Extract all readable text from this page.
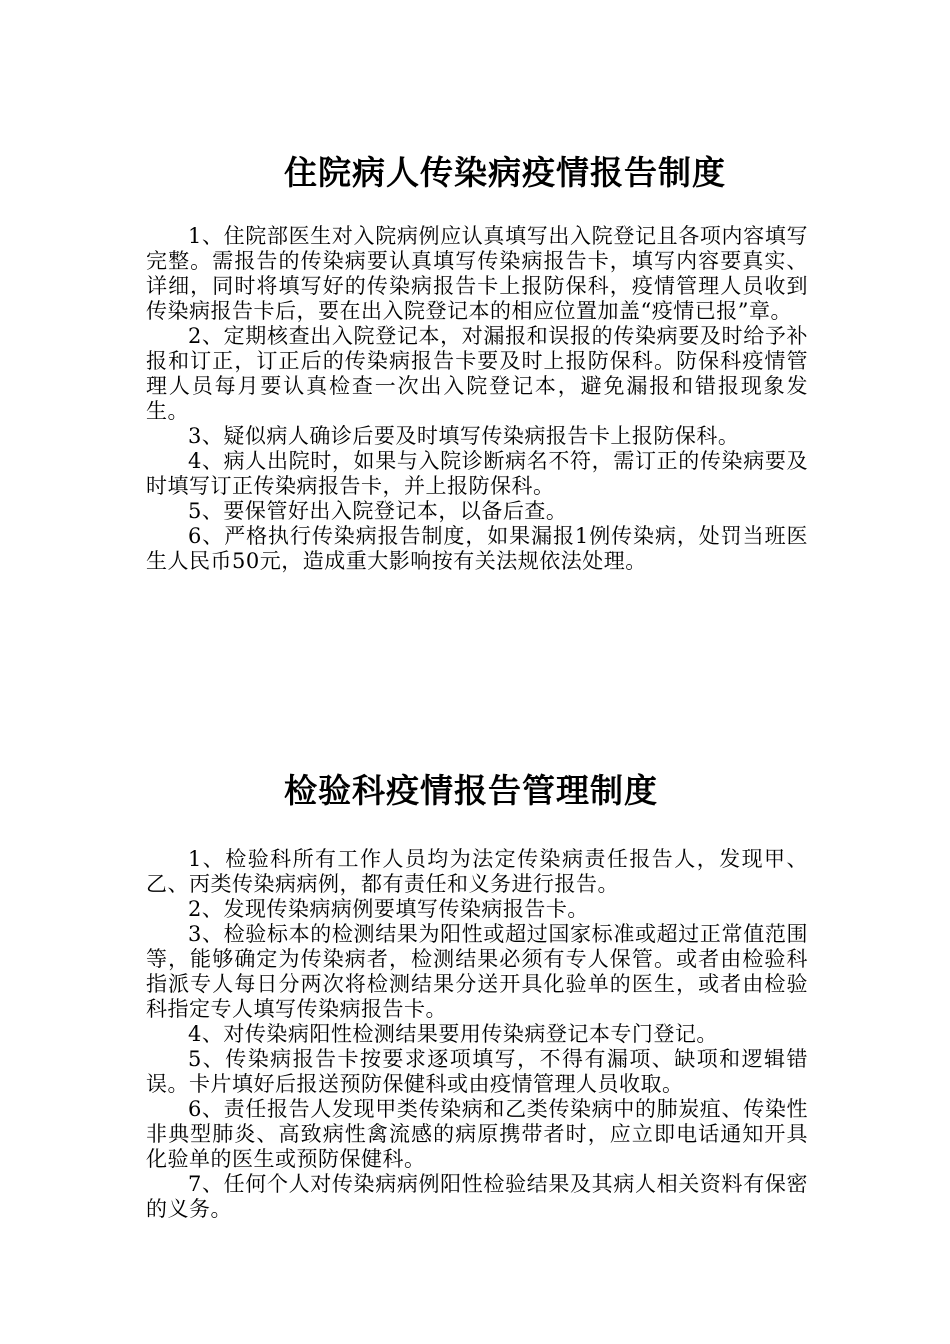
住院病人传染病疫情报告制度

1、住院部医生对入院病例应认真填写出入院登记且各项内容填写完整。需报告的传染病要认真填写传染病报告卡，填写内容要真实、详细，同时将填写好的传染病报告卡上报防保科，疫情管理人员收到传染病报告卡后，要在出入院登记本的相应位置加盖“疫情已报”章。

2、定期核查出入院登记本，对漏报和误报的传染病要及时给予补报和订正，订正后的传染病报告卡要及时上报防保科。防保科疫情管理人员每月要认真检查一次出入院登记本，避免漏报和错报现象发生。

3、疑似病人确诊后要及时填写传染病报告卡上报防保科。

4、病人出院时，如果与入院诊断病名不符，需订正的传染病要及时填写订正传染病报告卡，并上报防保科。

5、要保管好出入院登记本，以备后查。

6、严格执行传染病报告制度，如果漏报1例传染病，处罚当班医生人民币50元，造成重大影响按有关法规依法处理。

检验科疫情报告管理制度

1、检验科所有工作人员均为法定传染病责任报告人，发现甲、乙、丙类传染病病例，都有责任和义务进行报告。

2、发现传染病病例要填写传染病报告卡。

3、检验标本的检测结果为阳性或超过国家标准或超过正常值范围等，能够确定为传染病者，检测结果必须有专人保管。或者由检验科指派专人每日分两次将检测结果分送开具化验单的医生，或者由检验科指定专人填写传染病报告卡。

4、对传染病阳性检测结果要用传染病登记本专门登记。

5、传染病报告卡按要求逐项填写，不得有漏项、缺项和逻辑错误。卡片填好后报送预防保健科或由疫情管理人员收取。

6、责任报告人发现甲类传染病和乙类传染病中的肺炭疽、传染性非典型肺炎、高致病性禽流感的病原携带者时，应立即电话通知开具化验单的医生或预防保健科。

7、任何个人对传染病病例阳性检验结果及其病人相关资料有保密的义务。
